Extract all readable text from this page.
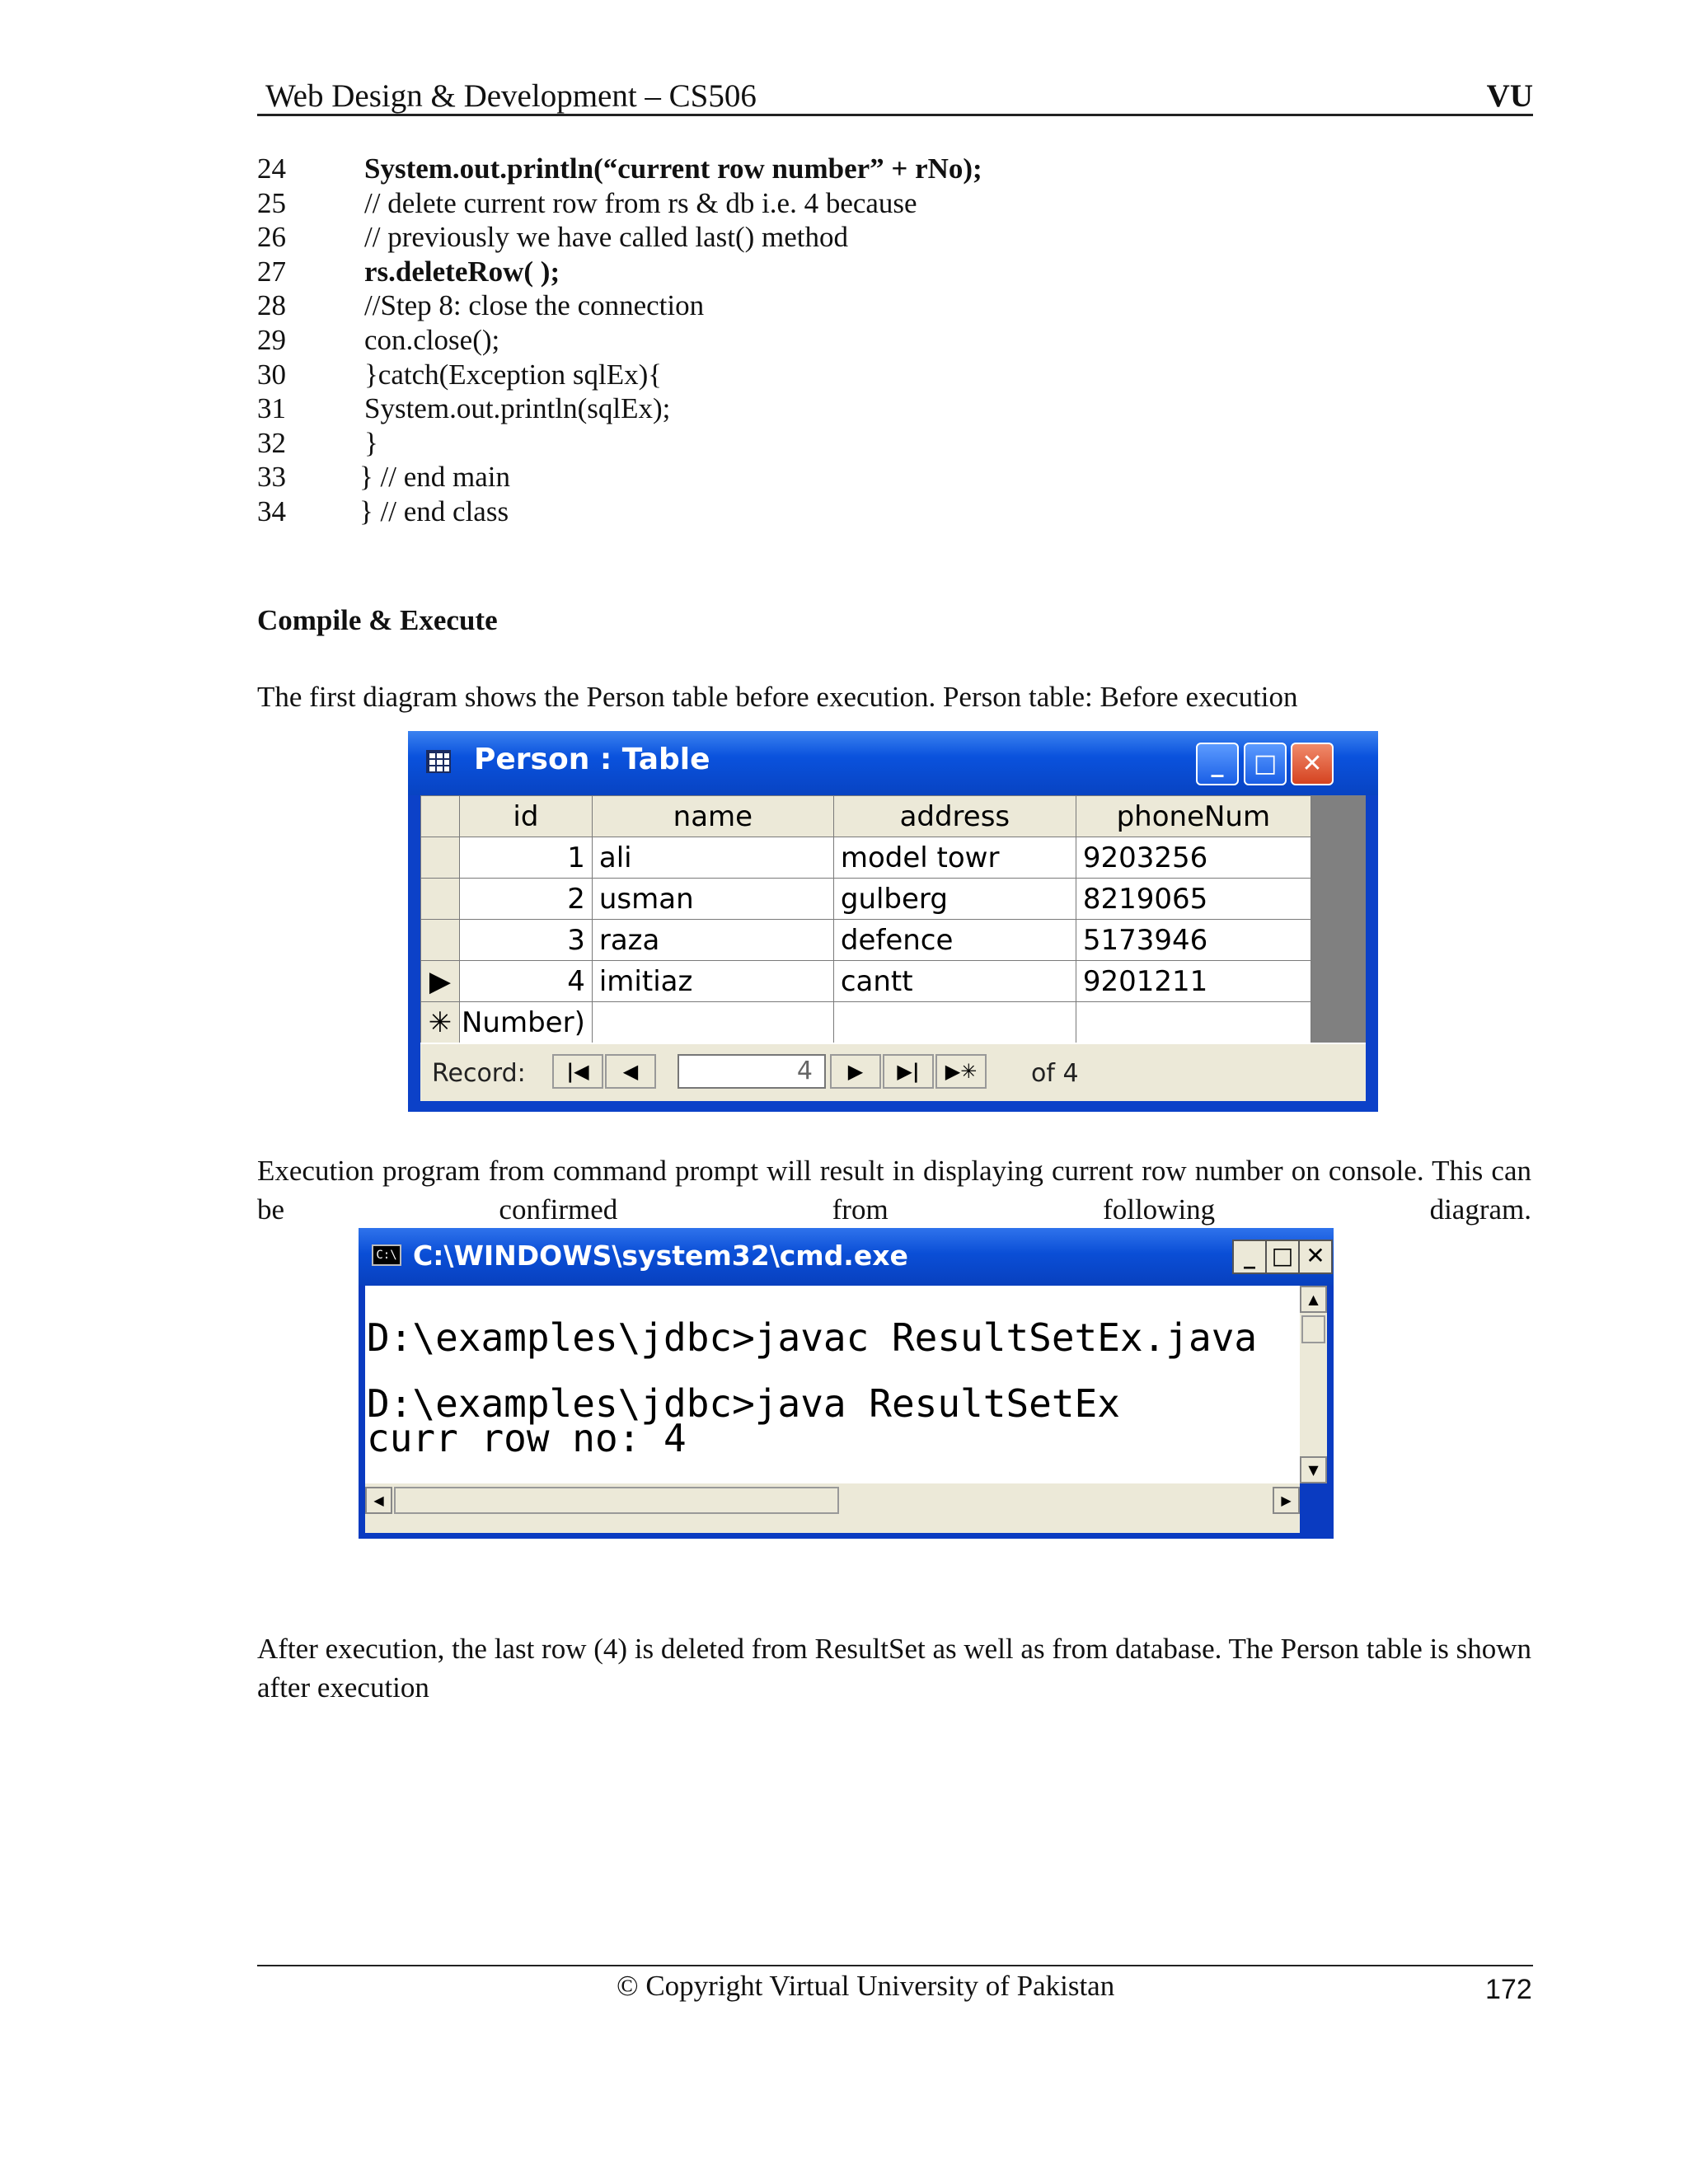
Web Design & Development – CS506	VU
24	System.out.println(“current row number” + rNo);
25	// delete current row from rs & db i.e. 4 because
26	// previously we have called last() method
27	rs.deleteRow( );
28	//Step 8: close the connection
29	con.close();
30	}catch(Exception sqlEx){
31	System.out.println(sqlEx);
32	}
33	} // end main
34	} // end class
Compile & Execute
The first diagram shows the Person table before execution. Person table: Before execution
Person : Table	_	□	✕
	id	name	address	phoneNum
	1	ali	model towr	9203256
	2	usman	gulberg	8219065
	3	raza	defence	5173946
▶	4	imitiaz	cantt	9201211
✳	Number)			
Record:	|◀	◀	4	▶	▶|	▶✳	of 4
Execution program from command prompt will result in displaying current row number on console. This can be confirmed from following diagram.
C:\ C:\WINDOWS\system32\cmd.exe	_ □ ✕
D:\examples\jdbc>javac ResultSetEx.java
D:\examples\jdbc>java ResultSetEx
curr row no: 4
▲
▼
◀	▶
After execution, the last row (4) is deleted from ResultSet as well as from database. The Person table is shown after execution
© Copyright Virtual University of Pakistan	172
